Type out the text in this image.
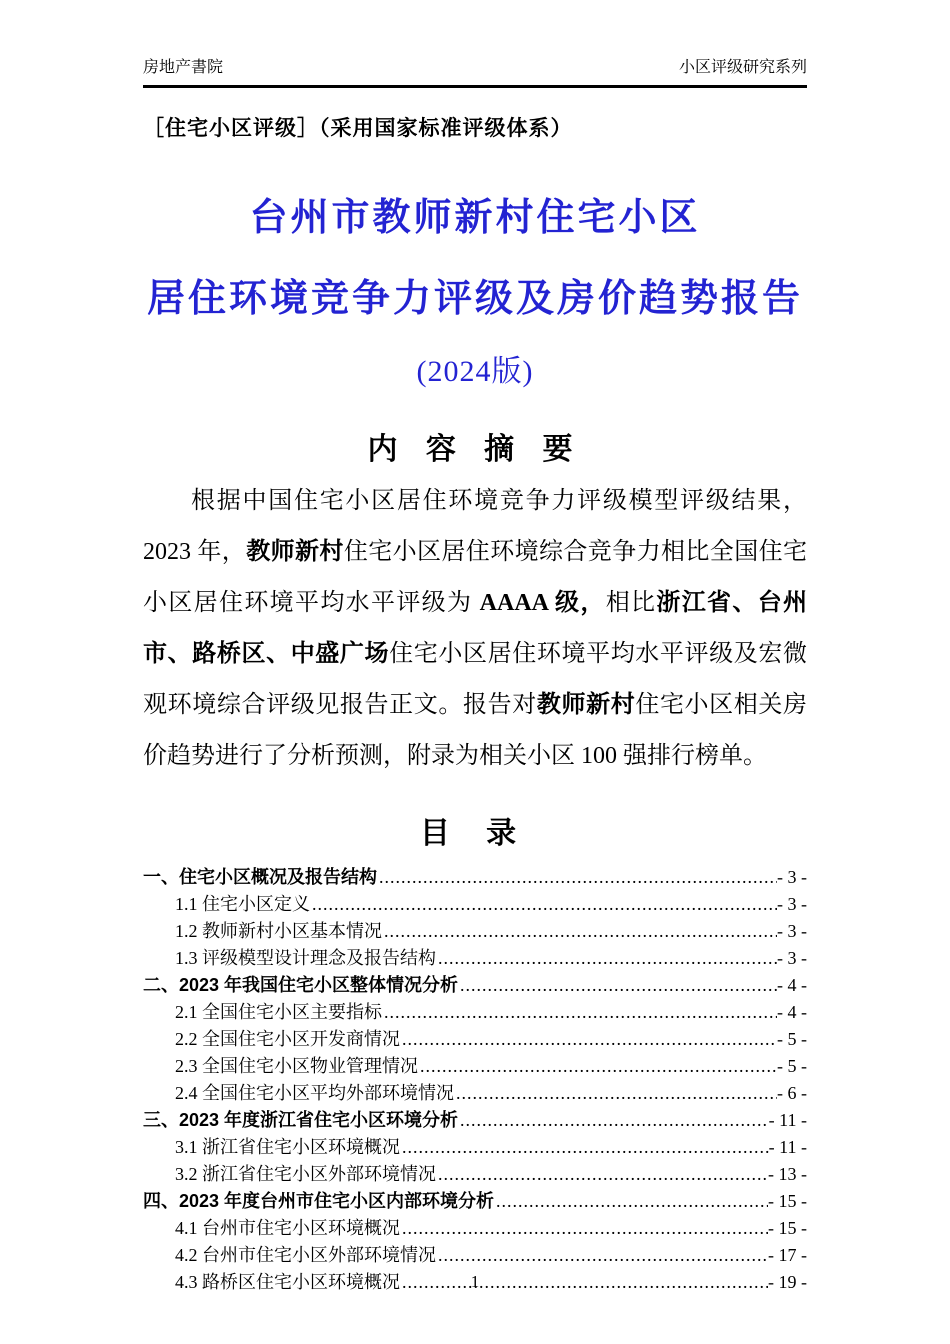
房地产書院	小区评级研究系列
［住宅小区评级］（采用国家标准评级体系）
台州市教师新村住宅小区
居住环境竞争力评级及房价趋势报告
(2024版)
内 容 摘 要

根据中国住宅小区居住环境竞争力评级模型评级结果，2023 年，教师新村住宅小区居住环境综合竞争力相比全国住宅小区居住环境平均水平评级为 AAAA 级，相比浙江省、台州市、路桥区、中盛广场住宅小区居住环境平均水平评级及宏微观环境综合评级见报告正文。报告对教师新村住宅小区相关房价趋势进行了分析预测，附录为相关小区 100 强排行榜单。

目 录
一、住宅小区概况及报告结构 .....	- 3 -
1.1 住宅小区定义 .....	- 3 -
1.2 教师新村小区基本情况 .....	- 3 -
1.3 评级模型设计理念及报告结构 .....	- 3 -
二、2023 年我国住宅小区整体情况分析 .....	- 4 -
2.1 全国住宅小区主要指标 .....	- 4 -
2.2 全国住宅小区开发商情况 .....	- 5 -
2.3 全国住宅小区物业管理情况 .....	- 5 -
2.4 全国住宅小区平均外部环境情况 .....	- 6 -
三、2023 年度浙江省住宅小区环境分析 .....	- 11 -
3.1 浙江省住宅小区环境概况 .....	- 11 -
3.2 浙江省住宅小区外部环境情况 .....	- 13 -
四、2023 年度台州市住宅小区内部环境分析 .....	- 15 -
4.1 台州市住宅小区环境概况 .....	- 15 -
4.2 台州市住宅小区外部环境情况 .....	- 17 -
4.3 路桥区住宅小区环境概况 .....	- 19 -
1
